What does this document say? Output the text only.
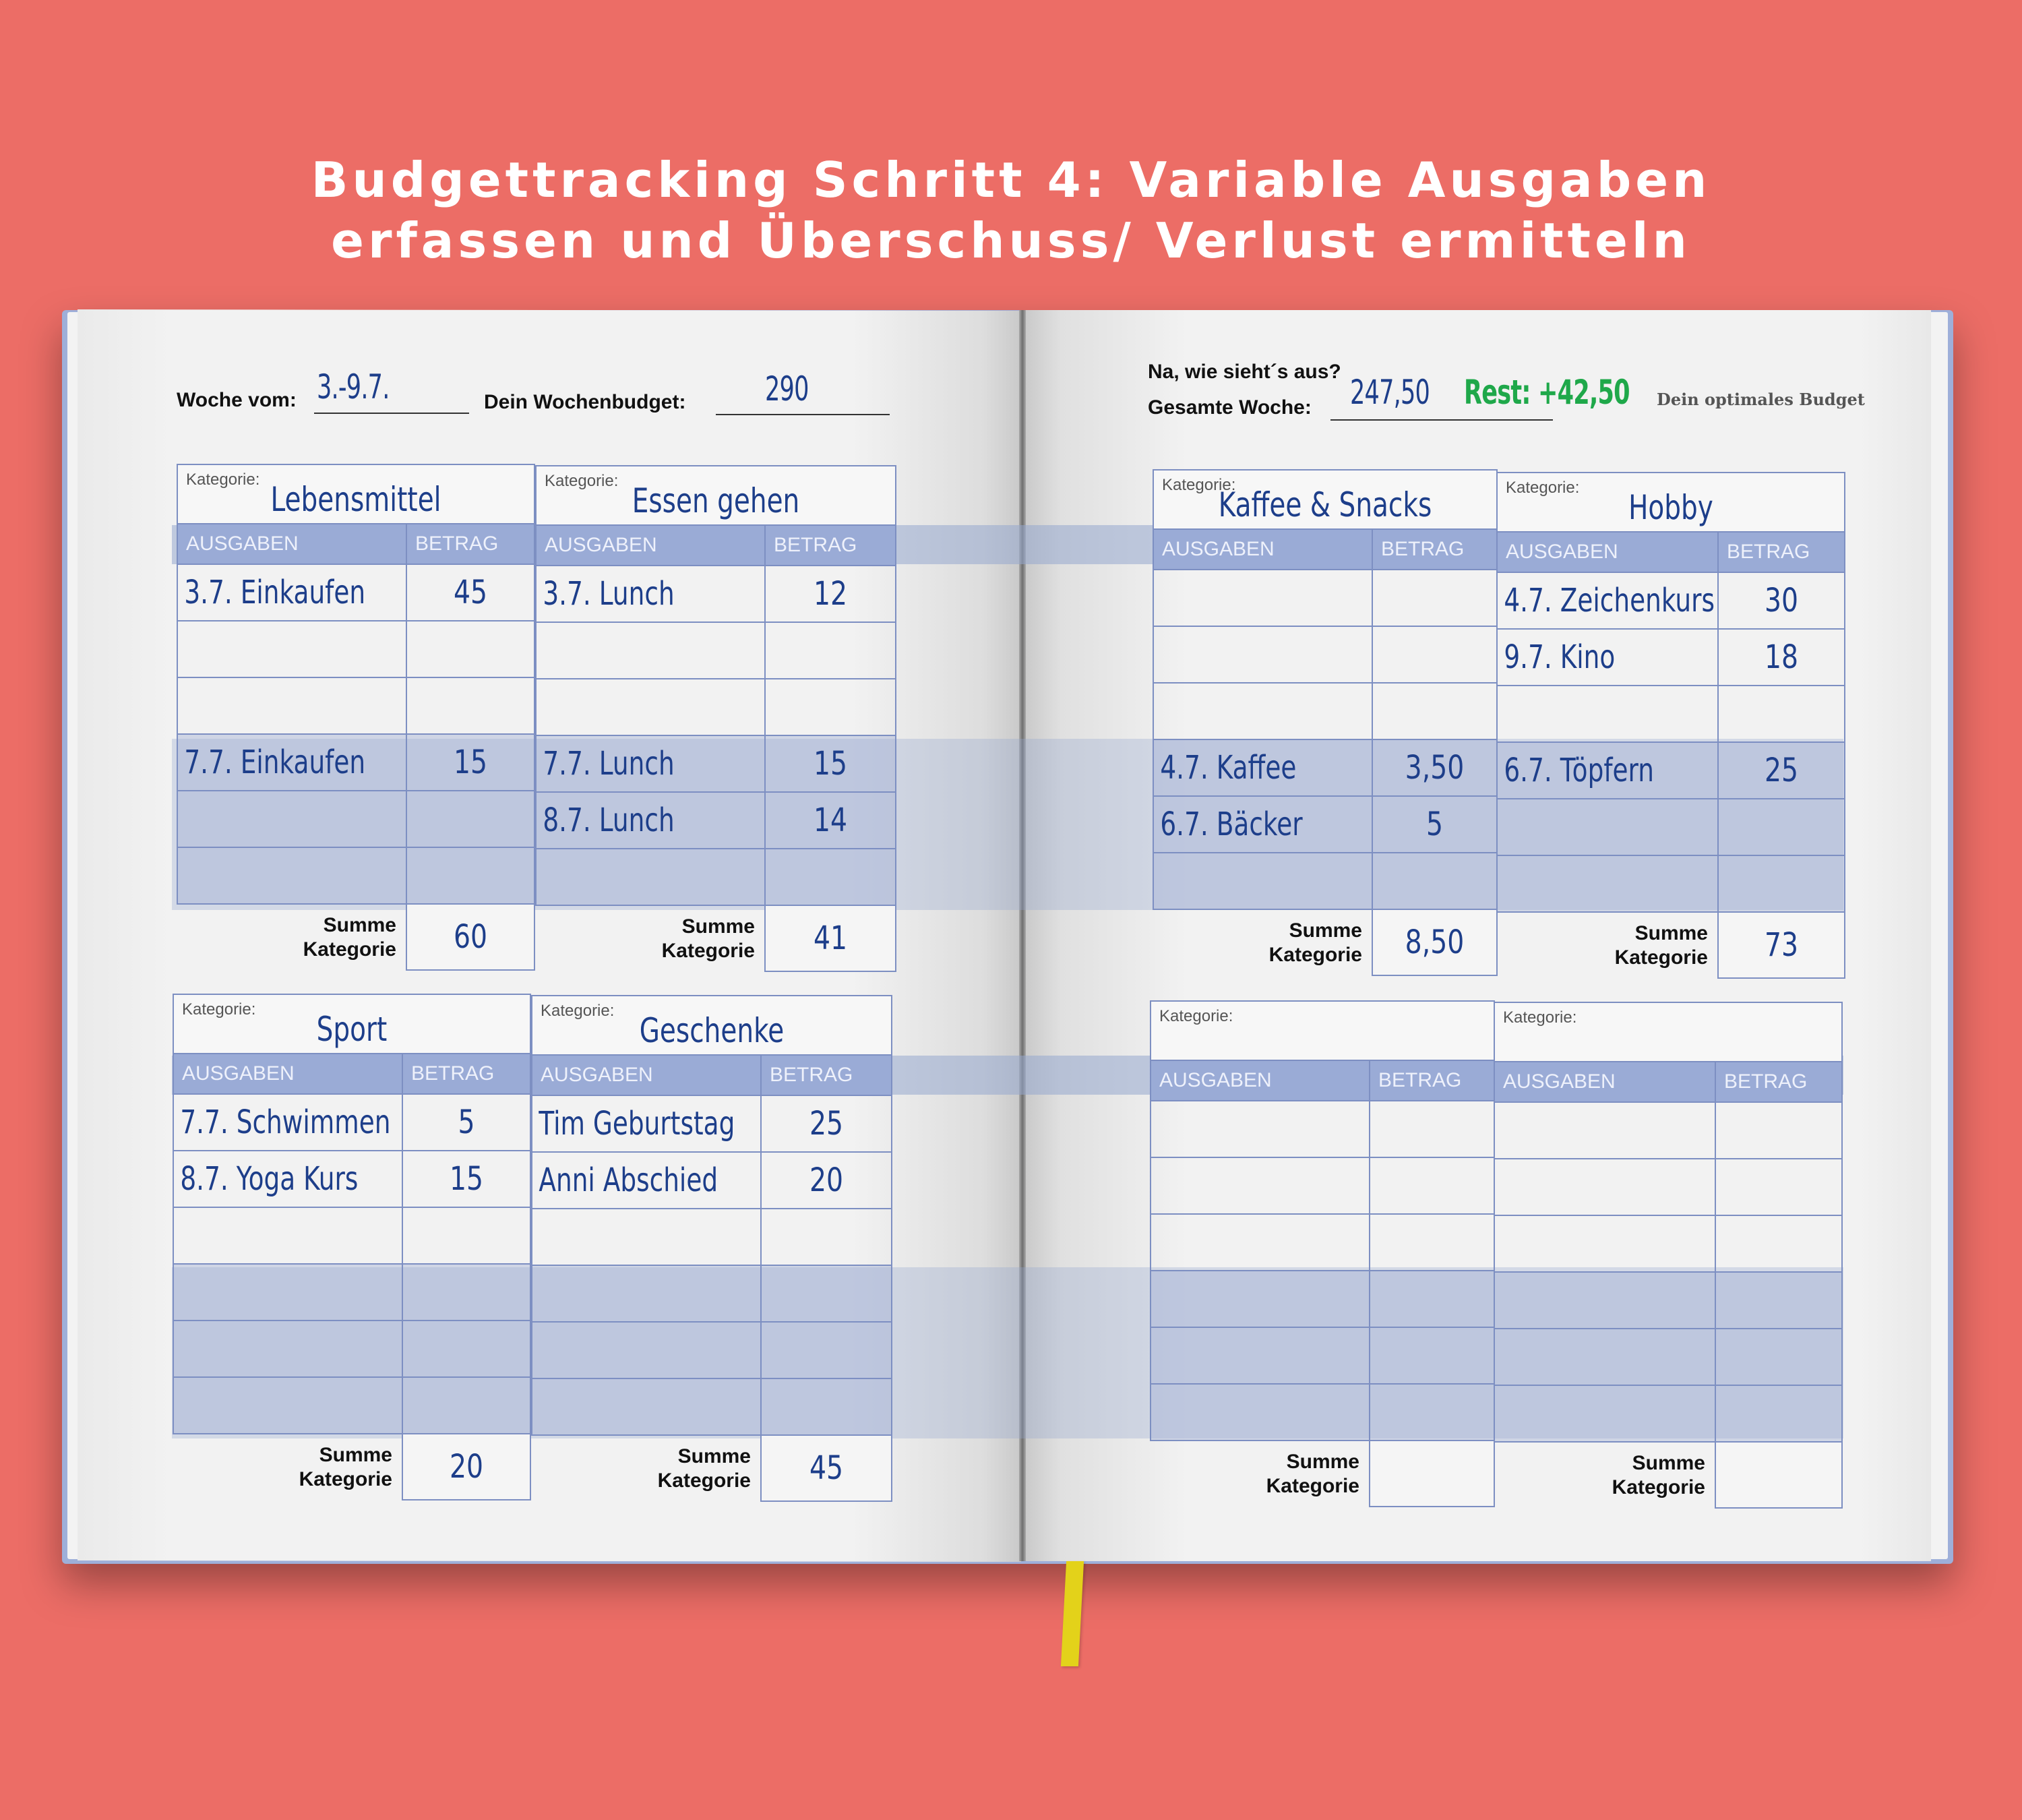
Budgettracking Schritt 4: Variable Ausgaben
erfassen und Überschuss/ Verlust ermitteln
Woche vom: 3.-9.7.	Dein Wochenbudget: 290	Na, wie sieht´s aus?
Gesamte Woche: 247,50 Rest: +42,50 Dein optimales Budget
Kategorie:
Lebensmittel	

AUSGABEN	BETRAG
3.7. Einkaufen	45

7.7. Einkaufen	15

Summe
Kategorie	60
Kategorie:
Essen gehen	

AUSGABEN	BETRAG
3.7. Lunch	12

7.7. Lunch	15

8.7. Lunch	14

Summe
Kategorie	41
Kategorie:
Kaffee & Snacks	

AUSGABEN	BETRAG

4.7. Kaffee	3,50

6.7. Bäcker	5

Summe
Kategorie	8,50
Kategorie:
Hobby	

AUSGABEN	BETRAG
4.7. Zeichenkurs	30

9.7. Kino	18

6.7. Töpfern	25

Summe
Kategorie	73
Kategorie:
Sport	

AUSGABEN	BETRAG
7.7. Schwimmen	5

8.7. Yoga Kurs	15

Summe
Kategorie	20
Kategorie:
Geschenke	

AUSGABEN	BETRAG
Tim Geburtstag	25

Anni Abschied	20

Summe
Kategorie	45
Kategorie:	

AUSGABEN	BETRAG

Summe
Kategorie	
Kategorie:	

AUSGABEN	BETRAG

Summe
Kategorie	
